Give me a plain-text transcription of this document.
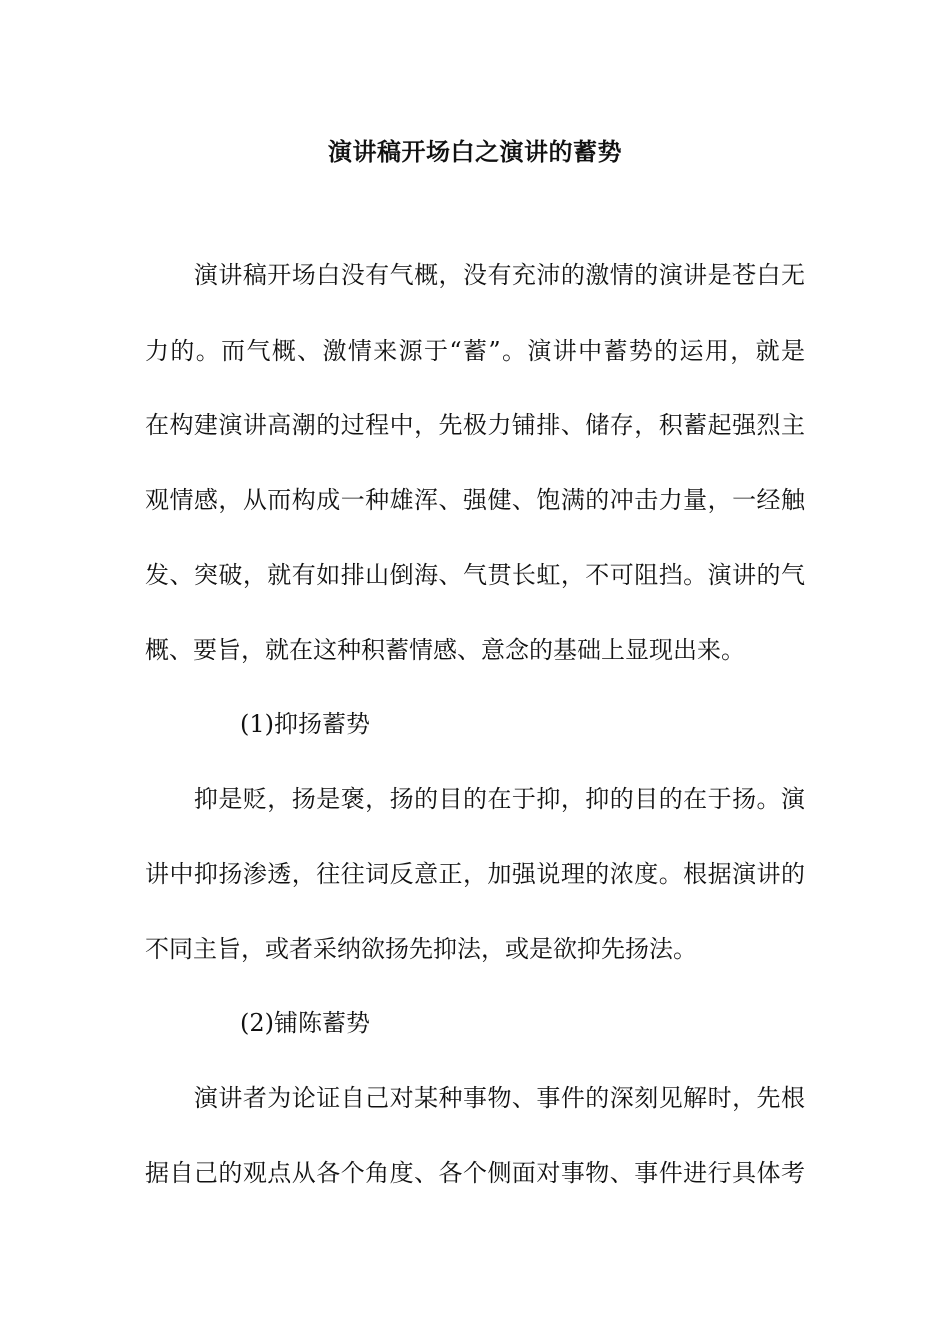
演讲稿开场白之演讲的蓄势
　　演讲稿开场白没有气概，没有充沛的激情的演讲是苍白无
力的。而气概、激情来源于“蓄”。演讲中蓄势的运用，就是
在构建演讲高潮的过程中，先极力铺排、储存，积蓄起强烈主
观情感，从而构成一种雄浑、强健、饱满的冲击力量，一经触
发、突破，就有如排山倒海、气贯长虹，不可阻挡。演讲的气
概、要旨，就在这种积蓄情感、意念的基础上显现出来。
(1)抑扬蓄势
　　抑是贬，扬是褒，扬的目的在于抑，抑的目的在于扬。演
讲中抑扬渗透，往往词反意正，加强说理的浓度。根据演讲的
不同主旨，或者采纳欲扬先抑法，或是欲抑先扬法。
(2)铺陈蓄势
　　演讲者为论证自己对某种事物、事件的深刻见解时，先根
据自己的观点从各个角度、各个侧面对事物、事件进行具体考
